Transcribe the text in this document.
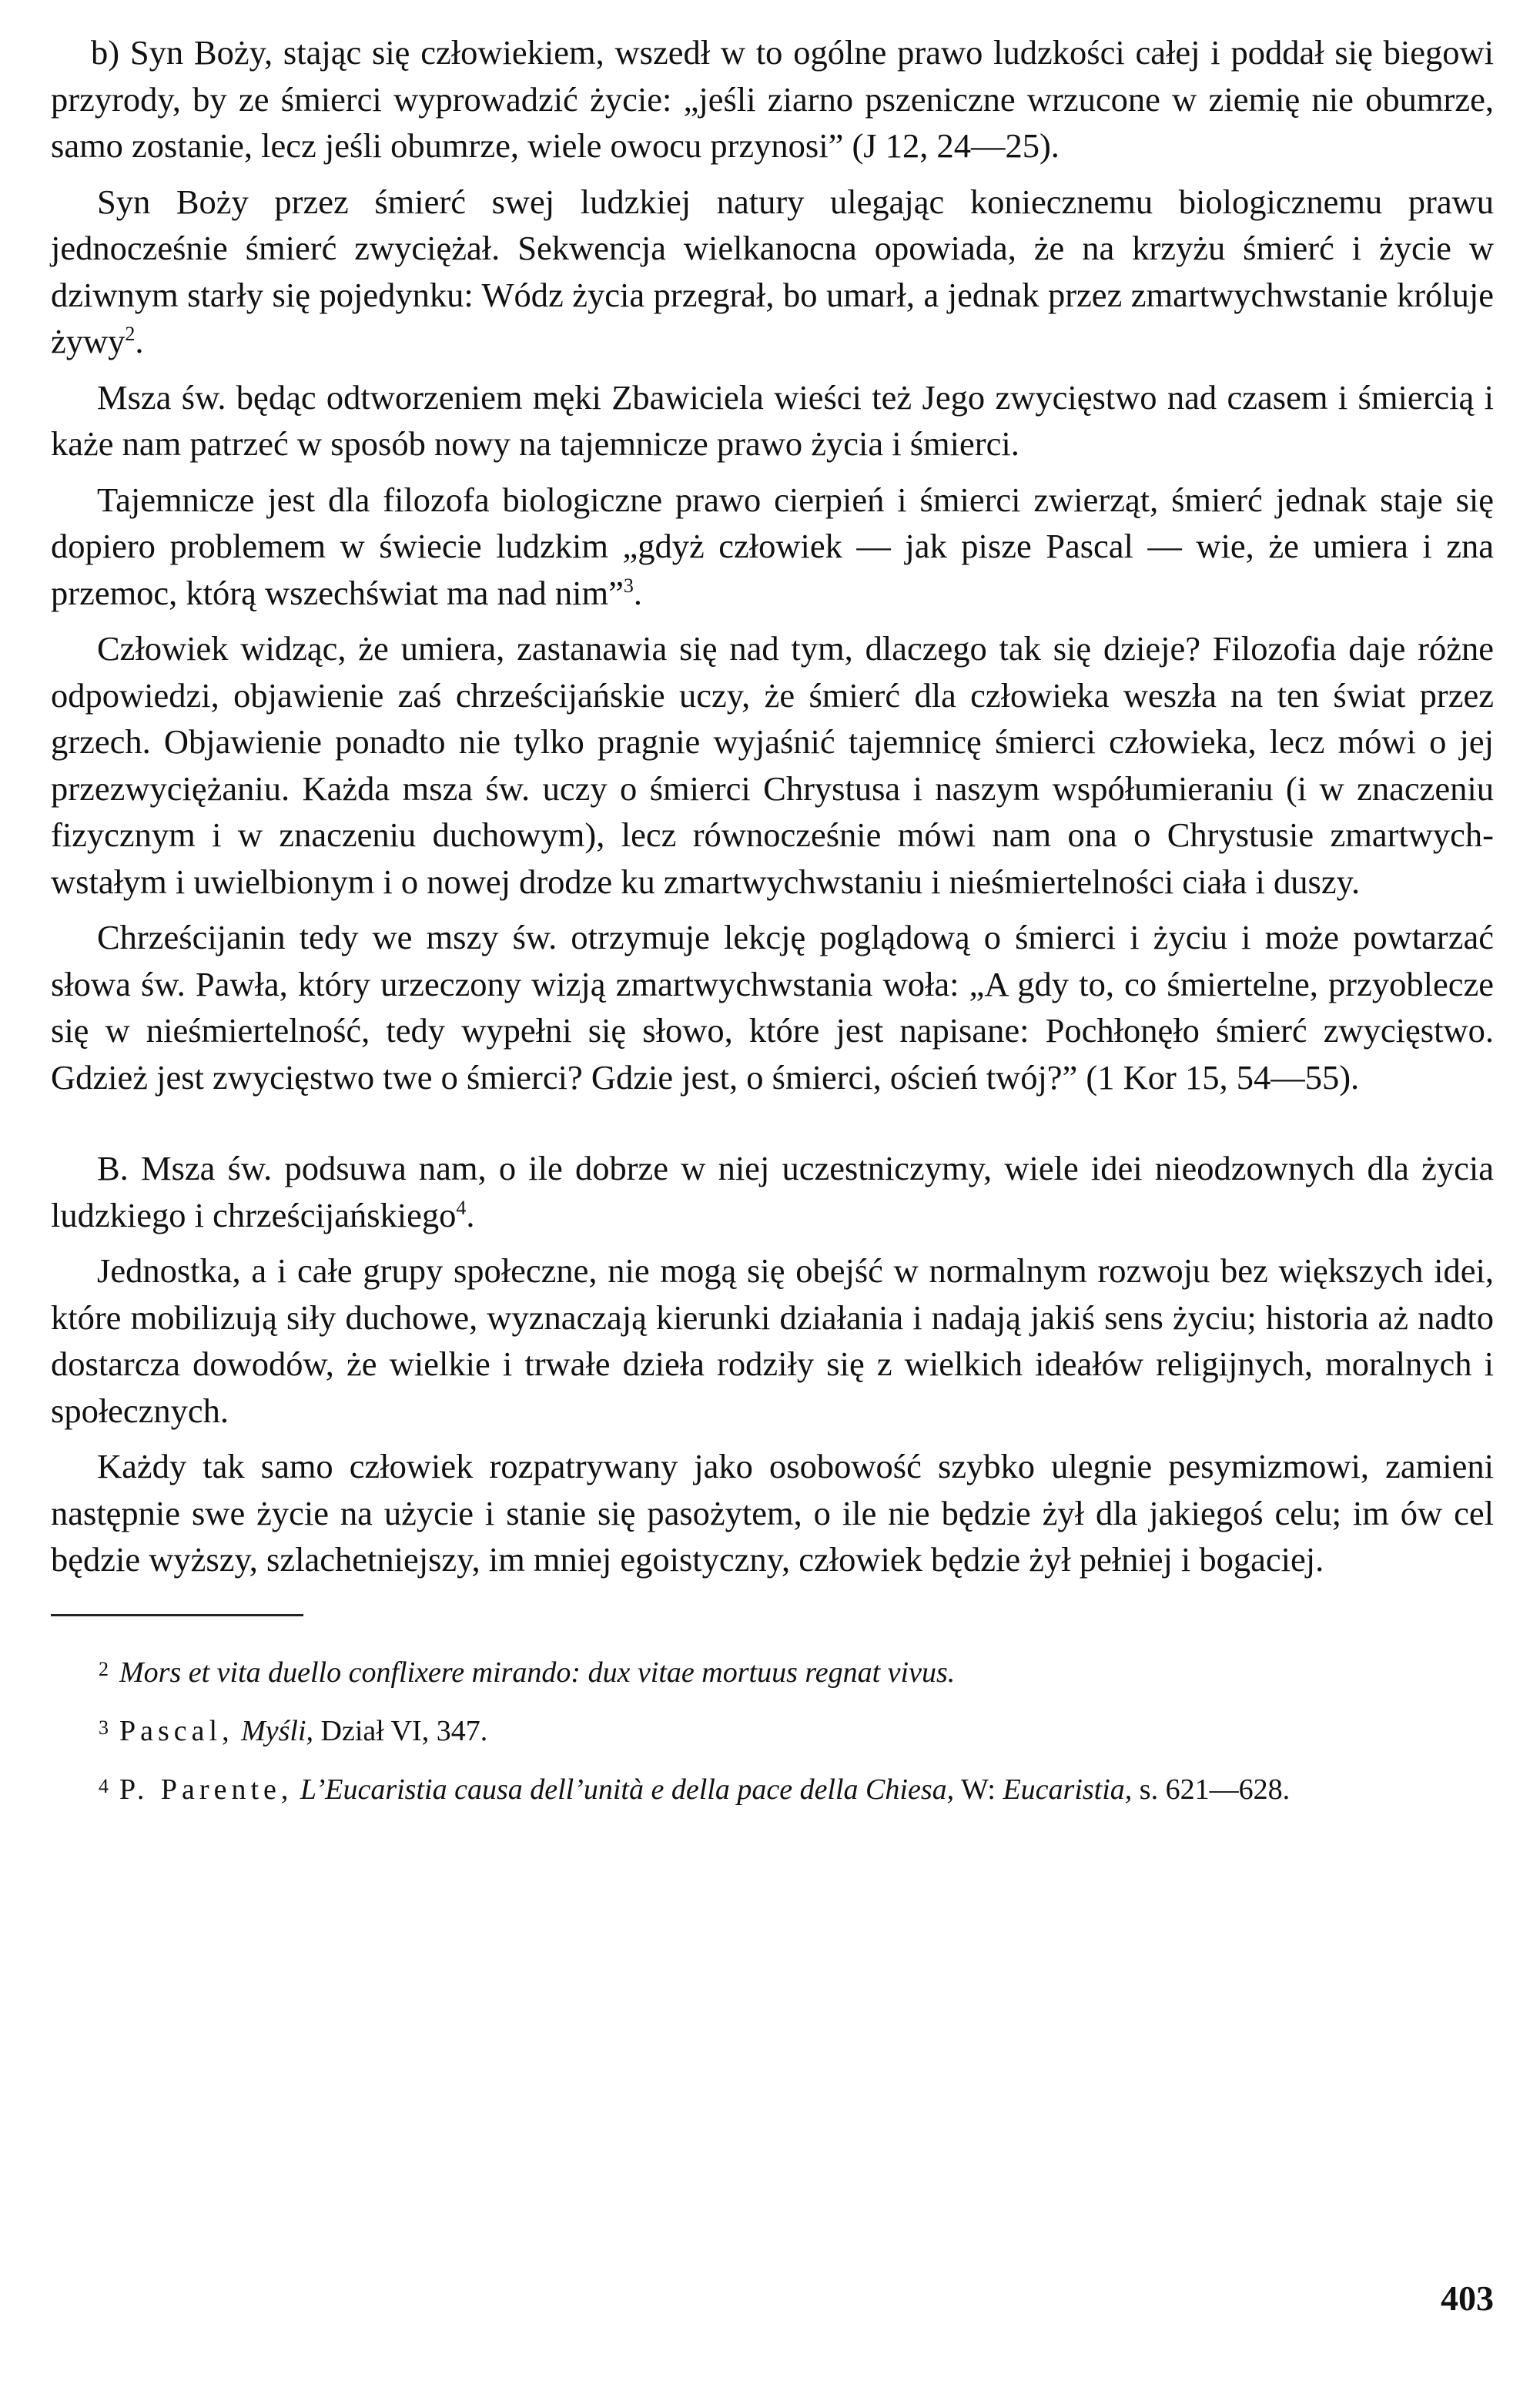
b) Syn Boży, stając się człowiekiem, wszedł w to ogólne prawo ludzkości całej i poddał się biegowi przyrody, by ze śmierci wyprowadzić życie: „jeśli ziarno pszeniczne wrzucone w ziemię nie obumrze, samo zostanie, lecz jeśli obumrze, wiele owocu przynosi” (J 12, 24—25).

Syn Boży przez śmierć swej ludzkiej natury ulegając koniecznemu biologicznemu prawu jednocześnie śmierć zwyciężał. Sekwencja wielkanocna opowiada, że na krzyżu śmierć i życie w dziwnym starły się pojedynku: Wódz życia przegrał, bo umarł, a jednak przez zmartwychwstanie króluje żywy$^2$.

Msza św. będąc odtworzeniem męki Zbawiciela wieści też Jego zwycięstwo nad czasem i śmiercią i każe nam patrzeć w sposób nowy na tajemnicze prawo życia i śmierci.

Tajemnicze jest dla filozofa biologiczne prawo cierpień i śmierci zwierząt, śmierć jednak staje się dopiero problemem w świecie ludzkim „gdyż człowiek — jak pisze Pascal — wie, że umiera i zna przemoc, którą wszechświat ma nad nim”$^3$.

Człowiek widząc, że umiera, zastanawia się nad tym, dlaczego tak się dzieje? Filozofia daje różne odpowiedzi, objawienie zaś chrześcijańskie uczy, że śmierć dla człowieka weszła na ten świat przez grzech. Objawienie ponadto nie tylko pragnie wyjaśnić tajemnicę śmierci człowieka, lecz mówi o jej przezwyciężaniu. Każda msza św. uczy o śmierci Chrystusa i naszym współumieraniu (i w znaczeniu fizycznym i w znaczeniu duchowym), lecz równocześnie mówi nam ona o Chrystusie zmartwychwstałym i uwielbionym i o nowej drodze ku zmartwychwstaniu i nieśmiertelności ciała i duszy.

Chrześcijanin tedy we mszy św. otrzymuje lekcję poglądową o śmierci i życiu i może powtarzać słowa św. Pawła, który urzeczony wizją zmartwychwstania woła: „A gdy to, co śmiertelne, przyoblecze się w nieśmiertelność, tedy wypełni się słowo, które jest napisane: Pochłonęło śmierć zwycięstwo. Gdzież jest zwycięstwo twe o śmierci? Gdzie jest, o śmierci, oścień twój?” (1 Kor 15, 54—55).

B. Msza św. podsuwa nam, o ile dobrze w niej uczestniczymy, wiele idei nieodzownych dla życia ludzkiego i chrześcijańskiego$^4$.

Jednostka, a i całe grupy społeczne, nie mogą się obejść w normalnym rozwoju bez większych idei, które mobilizują siły duchowe, wyznaczają kierunki działania i nadają jakiś sens życiu; historia aż nadto dostarcza dowodów, że wielkie i trwałe dzieła rodziły się z wielkich ideałów religijnych, moralnych i społecznych.

Każdy tak samo człowiek rozpatrywany jako osobowość szybko ulegnie pesymizmowi, zamieni następnie swe życie na użycie i stanie się pasożytem, o ile nie będzie żył dla jakiegoś celu; im ów cel będzie wyższy, szlachetniejszy, im mniej egoistyczny, człowiek będzie żył pełniej i bogaciej.

$^2$ Mors et vita duello conflixere mirando: dux vitae mortuus regnat vivus.

$^3$ Pascal, Myśli, Dział VI, 347.

$^4$ P. Parente, L’Eucaristia causa dell’unità e della pace della Chiesa, W: Eucaristia, s. 621—628.

403
